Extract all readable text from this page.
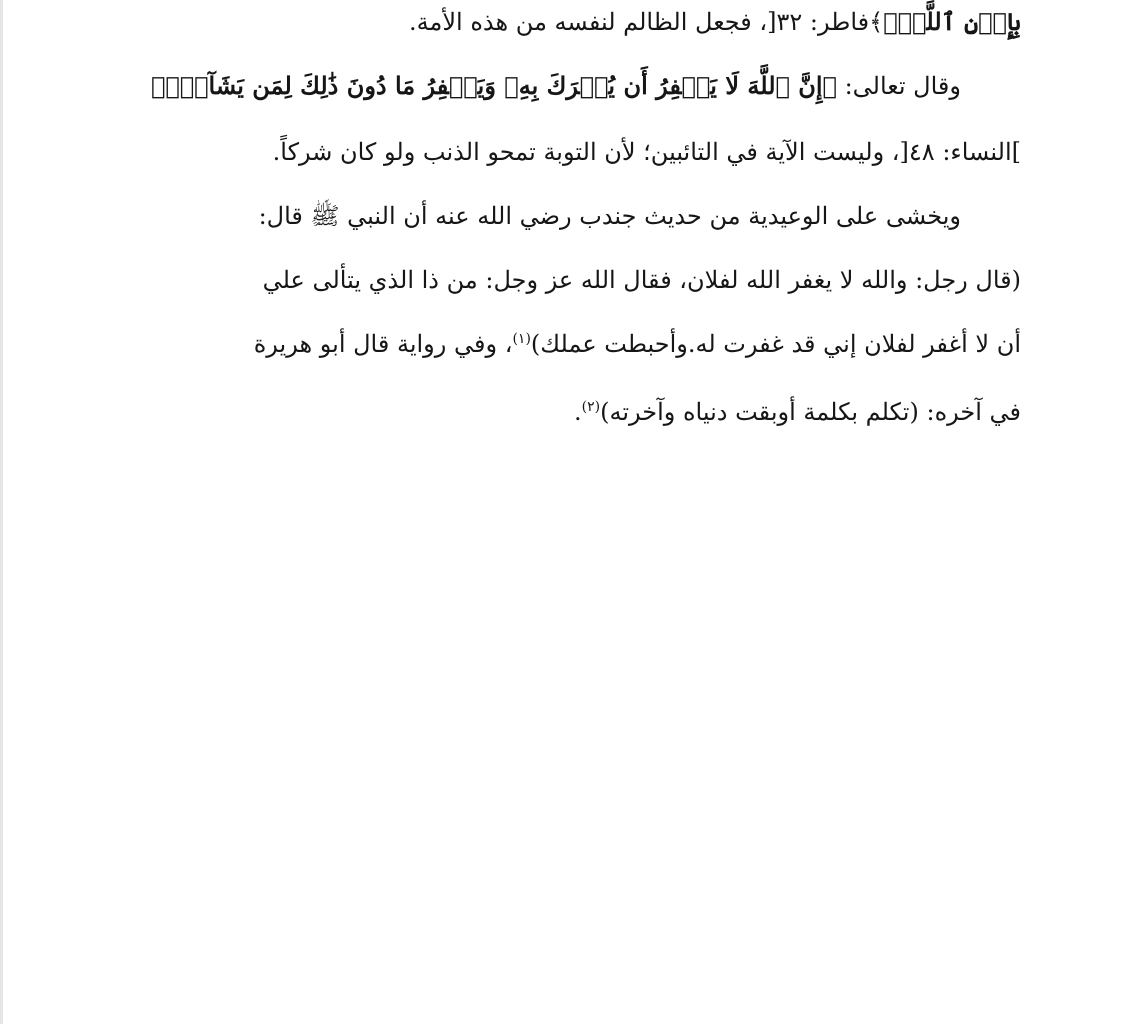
بِإِذۡنِ ٱللَّهِۚ﴾فاطر: ٣٢[، فجعل الظالم لنفسه من هذه الأمة.
وقال تعالى: ﴿إِنَّ ٱللَّهَ لَا يَغۡفِرُ أَن يُشۡرَكَ بِهِۦ وَيَغۡفِرُ مَا دُونَ ذَٰلِكَ لِمَن يَشَآءُۚ﴾
]النساء: ٤٨[، وليست الآية في التائبين؛ لأن التوبة تمحو الذنب ولو كان شركاً.
ويخشى على الوعيدية من حديث جندب رضي الله عنه أن النبي ﷺ قال:
(قال رجل: والله لا يغفر الله لفلان، فقال الله عز وجل: من ذا الذي يتألى علي
أن لا أغفر لفلان إني قد غفرت له.وأحبطت عملك)$^{(١)}$، وفي رواية قال أبو هريرة
في آخره: (تكلم بكلمة أوبقت دنياه وآخرته)$^{(٢)}$.
